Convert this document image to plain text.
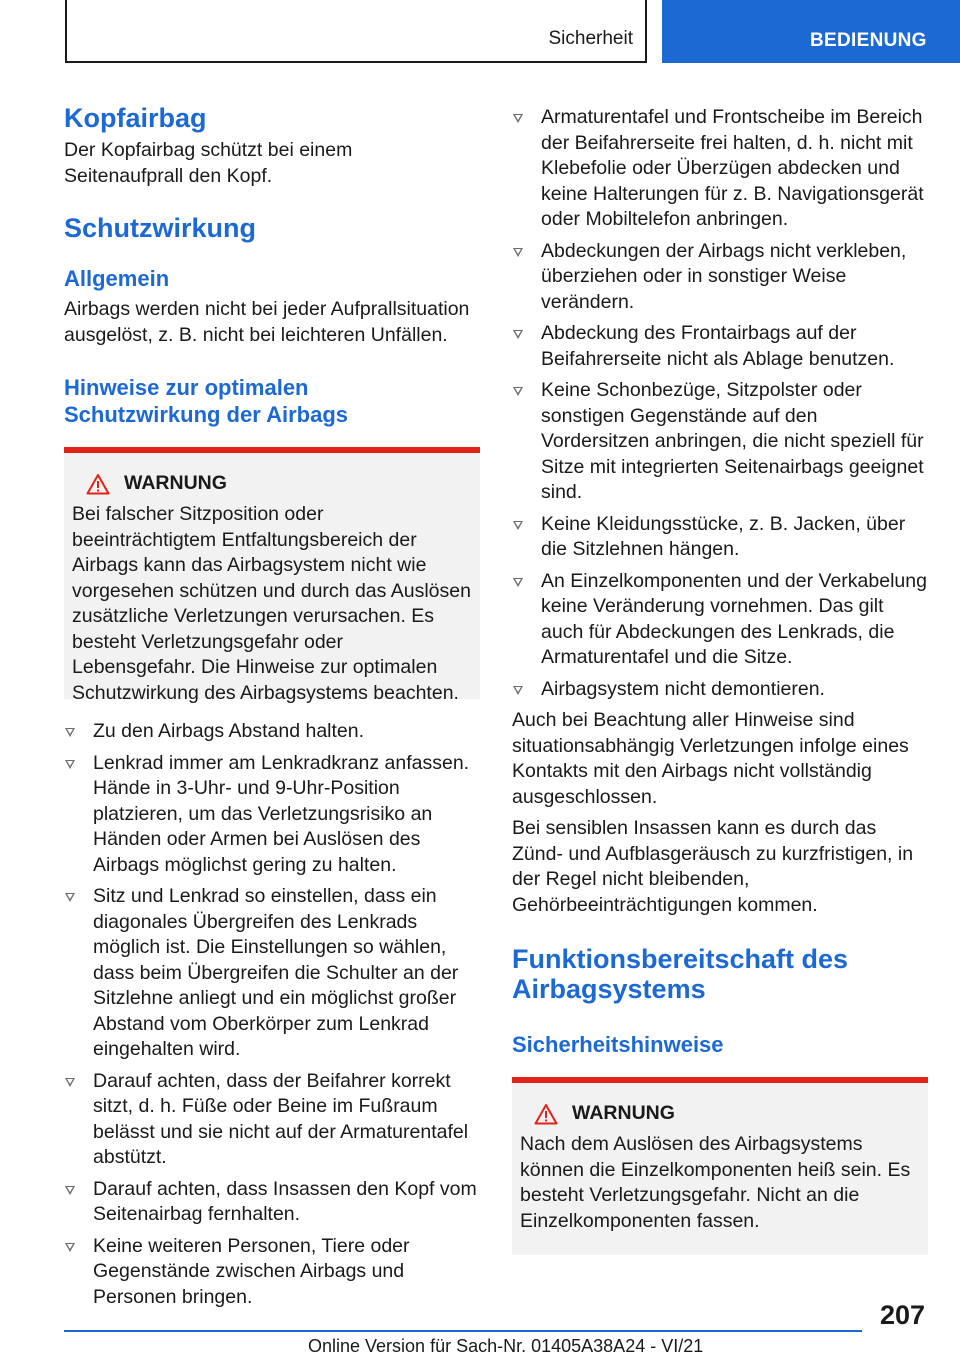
Sicherheit	BEDIENUNG
Kopfairbag

Der Kopfairbag schützt bei einem Seitenaufprall den Kopf.

Schutzwirkung
Allgemein

Airbags werden nicht bei jeder Aufprallsituation ausgelöst, z. B. nicht bei leichteren Unfällen.

Hinweise zur optimalen Schutzwirkung der Airbags
WARNUNG

Bei falscher Sitzposition oder beeinträchtigtem Entfaltungsbereich der Airbags kann das Airbagsystem nicht wie vorgesehen schützen und durch das Auslösen zusätzliche Verletzungen verursachen. Es besteht Verletzungsgefahr oder Lebensgefahr. Die Hinweise zur optimalen Schutzwirkung des Airbagsystems beachten.

Zu den Airbags Abstand halten.
Lenkrad immer am Lenkradkranz anfassen. Hände in 3-Uhr- und 9-Uhr-Position platzieren, um das Verletzungsrisiko an Händen oder Armen bei Auslösen des Airbags möglichst gering zu halten.
Sitz und Lenkrad so einstellen, dass ein diagonales Übergreifen des Lenkrads möglich ist. Die Einstellungen so wählen, dass beim Übergreifen die Schulter an der Sitzlehne anliegt und ein möglichst großer Abstand vom Oberkörper zum Lenkrad eingehalten wird.
Darauf achten, dass der Beifahrer korrekt sitzt, d. h. Füße oder Beine im Fußraum belässt und sie nicht auf der Armaturentafel abstützt.
Darauf achten, dass Insassen den Kopf vom Seitenairbag fernhalten.
Keine weiteren Personen, Tiere oder Gegenstände zwischen Airbags und Personen bringen.
Armaturentafel und Frontscheibe im Bereich der Beifahrerseite frei halten, d. h. nicht mit Klebefolie oder Überzügen abdecken und keine Halterungen für z. B. Navigationsgerät oder Mobiltelefon anbringen.
Abdeckungen der Airbags nicht verkleben, überziehen oder in sonstiger Weise verändern.
Abdeckung des Frontairbags auf der Beifahrerseite nicht als Ablage benutzen.
Keine Schonbezüge, Sitzpolster oder sonstigen Gegenstände auf den Vordersitzen anbringen, die nicht speziell für Sitze mit integrierten Seitenairbags geeignet sind.
Keine Kleidungsstücke, z. B. Jacken, über die Sitzlehnen hängen.
An Einzelkomponenten und der Verkabelung keine Veränderung vornehmen. Das gilt auch für Abdeckungen des Lenkrads, die Armaturentafel und die Sitze.
Airbagsystem nicht demontieren.

Auch bei Beachtung aller Hinweise sind situationsabhängig Verletzungen infolge eines Kontakts mit den Airbags nicht vollständig ausgeschlossen.

Bei sensiblen Insassen kann es durch das Zünd- und Aufblasgeräusch zu kurzfristigen, in der Regel nicht bleibenden, Gehörbeeinträchtigungen kommen.

Funktionsbereitschaft des Airbagsystems
Sicherheitshinweise
WARNUNG

Nach dem Auslösen des Airbagsystems können die Einzelkomponenten heiß sein. Es besteht Verletzungsgefahr. Nicht an die Einzelkomponenten fassen.

207
Online Version für Sach-Nr. 01405A38A24 - VI/21
